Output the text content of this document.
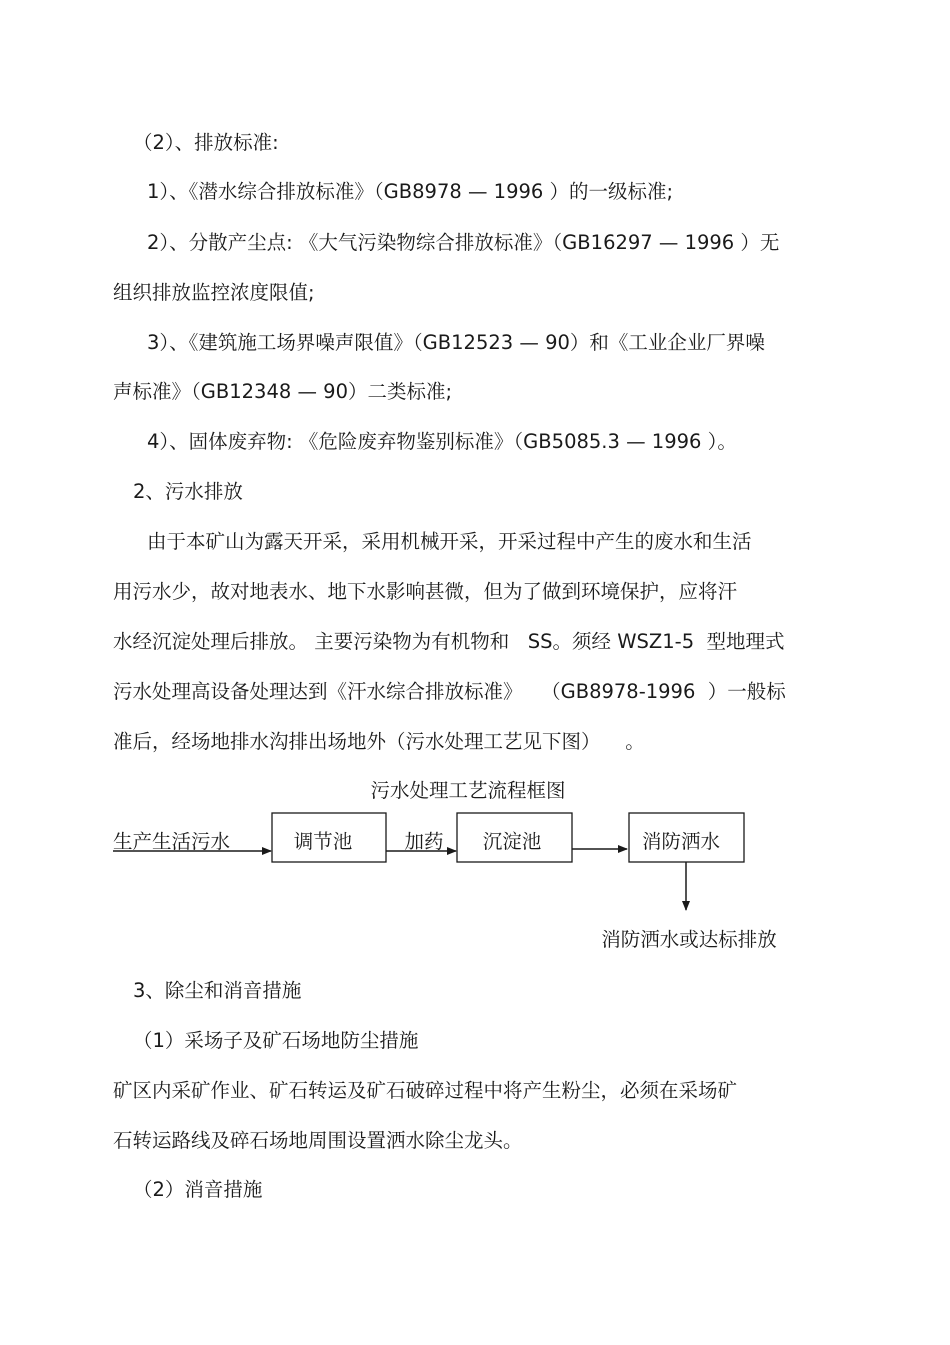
（2）、排放标准:
1）、《潜水综合排放标准》（GB8978 — 1996 ）的一级标准;
2）、分散产尘点: 《大气污染物综合排放标准》（GB16297 — 1996 ）无
组织排放监控浓度限值;
3）、《建筑施工场界噪声限值》（GB12523 — 90）和《工业企业厂界噪
声标准》（GB12348 — 90）二类标准;
4）、固体废弃物: 《危险废弃物鉴别标准》（GB5085.3 — 1996 ）。
2、污水排放
由于本矿山为露天开采，采用机械开采，开采过程中产生的废水和生活
用污水少，故对地表水、地下水影响甚微，但为了做到环境保护，应将汗
水经沉淀处理后排放。 主要污染物为有机物和   SS。须经 WSZ1-5  型地理式
污水处理高设备处理达到《汗水综合排放标准》   （GB8978-1996  ）一般标
准后，经场地排水沟排出场地外（污水处理工艺见下图）    。
污水处理工艺流程框图
生产生活污水	调节池	加药 沉淀池	消防洒水
消防洒水或达标排放
3、除尘和消音措施
（1）采场子及矿石场地防尘措施
矿区内采矿作业、矿石转运及矿石破碎过程中将产生粉尘，必须在采场矿
石转运路线及碎石场地周围设置洒水除尘龙头。
（2）消音措施
